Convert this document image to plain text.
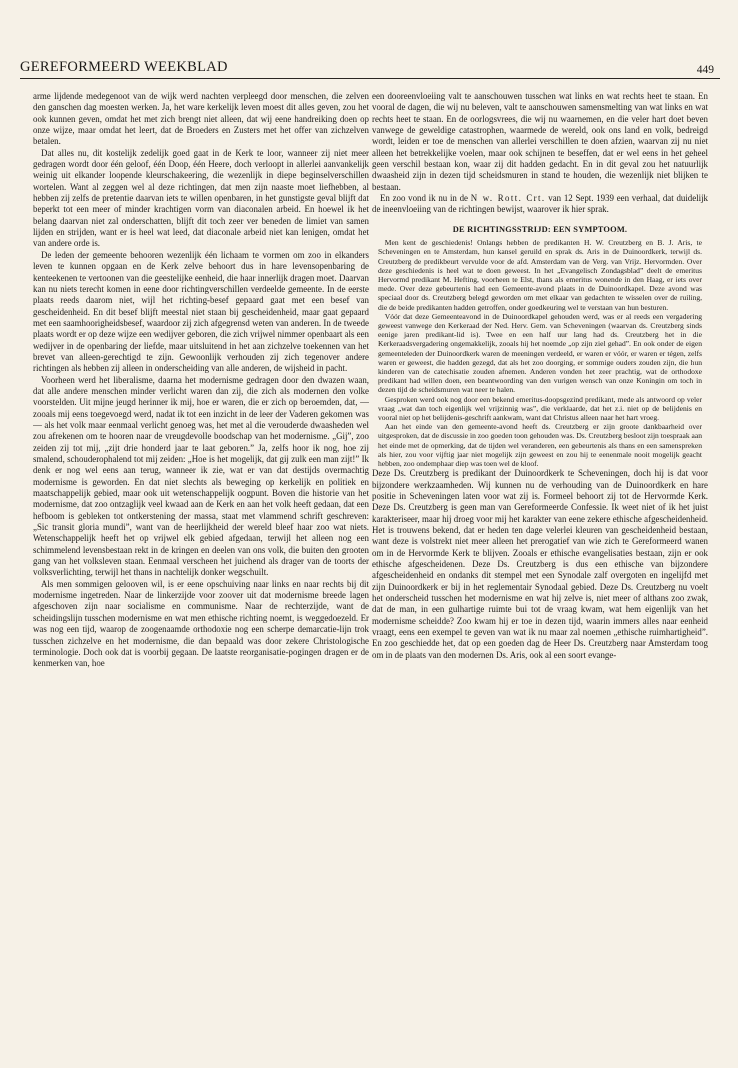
GEREFORMEERD WEEKBLAD	449

arme lijdende medegenoot van de wijk werd nachten verpleegd door menschen, die zelven den ganschen dag moesten werken. Ja, het ware kerkelijk leven moest dit alles geven, zou het ook kunnen geven, omdat het met zich brengt niet alleen, dat wij eene handreiking doen op onze wijze, maar omdat het leert, dat de Broeders en Zusters met het offer van zichzelven betalen.

Dat alles nu, dit kostelijk zedelijk goed gaat in de Kerk te loor, wanneer zij niet meer gedragen wordt door één geloof, één Doop, één Heere, doch verloopt in allerlei aanvankelijk weinig uit elkander loopende kleurschakeering, die wezenlijk in diepe beginselverschillen wortelen. Want al zeggen wel al deze richtingen, dat men zijn naaste moet liefhebben, al hebben zij zelfs de pretentie daarvan iets te willen openbaren, in het gunstigste geval blijft dat beperkt tot een meer of minder krachtigen vorm van diaconalen arbeid. En hoewel ik het belang daarvan niet zal onderschatten, blijft dit toch zeer ver beneden de limiet van samen lijden en strijden, want er is heel wat leed, dat diaconale arbeid niet kan lenigen, omdat het van andere orde is.

De leden der gemeente behooren wezenlijk één lichaam te vormen om zoo in elkanders leven te kunnen opgaan en de Kerk zelve behoort dus in hare levensopenbaring de kenteekenen te vertoonen van die geestelijke eenheid, die haar innerlijk dragen moet. Daarvan kan nu niets terecht komen in eene door richtingverschillen verdeelde gemeente. In de eerste plaats reeds daarom niet, wijl het richting-besef gepaard gaat met een besef van gescheidenheid. En dit besef blijft meestal niet staan bij gescheidenheid, maar gaat gepaard met een saamhoorigheidsbesef, waardoor zij zich afgegrensd weten van anderen. In de tweede plaats wordt er op deze wijze een wedijver geboren, die zich vrijwel nimmer openbaart als een wedijver in de openbaring der liefde, maar uitsluitend in het aan zichzelve toekennen van het brevet van alleen-gerechtigd te zijn. Gewoonlijk verhouden zij zich tegenover andere richtingen als hebben zij alleen in onderscheiding van alle anderen, de wijsheid in pacht.

Voorheen werd het liberalisme, daarna het modernisme gedragen door den dwazen waan, dat alle andere menschen minder verlicht waren dan zij, die zich als modernen den volke voorstelden. Uit mijne jeugd herinner ik mij, hoe er waren, die er zich op beroemden, dat, — zooals mij eens toegevoegd werd, nadat ik tot een inzicht in de leer der Vaderen gekomen was — als het volk maar eenmaal verlicht genoeg was, het met al die verouderde dwaasheden wel zou afrekenen om te hooren naar de vreugdevolle boodschap van het modernisme. „Gij”, zoo zeiden zij tot mij, „zijt drie honderd jaar te laat geboren.” Ja, zelfs hoor ik nog, hoe zij smalend, schouderophalend tot mij zeiden: „Hoe is het mogelijk, dat gij zulk een man zijt!” Ik denk er nog wel eens aan terug, wanneer ik zie, wat er van dat destijds overmachtig modernisme is geworden. En dat niet slechts als beweging op kerkelijk en politiek en maatschappelijk gebied, maar ook uit wetenschappelijk oogpunt. Boven die historie van het modernisme, dat zoo ontzaglijk veel kwaad aan de Kerk en aan het volk heeft gedaan, dat een hefboom is gebleken tot ontkerstening der massa, staat met vlammend schrift geschreven: „Sic transit gloria mundi”, want van de heerlijkheid der wereld bleef haar zoo wat niets. Wetenschappelijk heeft het op vrijwel elk gebied afgedaan, terwijl het alleen nog een schimmelend levensbestaan rekt in de kringen en deelen van ons volk, die buiten den grooten gang van het volksleven staan. Eenmaal verscheen het juichend als drager van de toorts der volksverlichting, terwijl het thans in nachtelijk donker wegschuilt.

Als men sommigen gelooven wil, is er eene opschuiving naar links en naar rechts bij dit modernisme ingetreden. Naar de linkerzijde voor zoover uit dat modernisme breede lagen afgeschoven zijn naar socialisme en communisme. Naar de rechterzijde, want de scheidingslijn tusschen modernisme en wat men ethische richting noemt, is weggedoezeld. Er was nog een tijd, waarop de zoogenaamde orthodoxie nog een scherpe demarcatie-lijn trok tusschen zichzelve en het modernisme, die dan bepaald was door zekere Christologische terminologie. Doch ook dat is voorbij gegaan. De laatste reorganisatie-pogingen dragen er de kenmerken van, hoe

een dooreenvloeiing valt te aanschouwen tusschen wat links en wat rechts heet te staan. En vooral de dagen, die wij nu beleven, valt te aanschouwen samensmelting van wat links en wat rechts heet te staan. En de oorlogsvrees, die wij nu waarnemen, en die veler hart doet beven vanwege de geweldige catastrophen, waarmede de wereld, ook ons land en volk, bedreigd wordt, leiden er toe de menschen van allerlei verschillen te doen afzien, waarvan zij nu niet alleen het betrekkelijke voelen, maar ook schijnen te beseffen, dat er wel eens in het geheel geen verschil bestaan kon, waar zij dit hadden gedacht. En in dit geval zou het natuurlijk dwaasheid zijn in dezen tijd scheidsmuren in stand te houden, die wezenlijk niet blijken te bestaan.

En zoo vond ik nu in de N w. Rott. Crt. van 12 Sept. 1939 een verhaal, dat duidelijk de ineenvloeiing van de richtingen bewijst, waarover ik hier sprak.

DE RICHTINGSSTRIJD: EEN SYMPTOOM.

Men kent de geschiedenis! Onlangs hebben de predikanten H. W. Creutzberg en B. J. Aris, te Scheveningen en te Amsterdam, hun kansel geruild en sprak ds. Aris in de Duinoordkerk, terwijl ds. Creutzberg de predikbeurt vervulde voor de afd. Amsterdam van de Verg. van Vrijz. Hervormden. Over deze geschiedenis is heel wat te doen geweest. In het „Evangelisch Zondagsblad” deelt de emeritus Hervormd predikant M. Hefting, voorheen te Elst, thans als emeritus wonende in den Haag, er iets over mede. Over deze gebeurtenis had een Gemeente-avond plaats in de Duinoordkapel. Deze avond was speciaal door ds. Creutzberg belegd geworden om met elkaar van gedachten te wisselen over de ruiling, die de beide predikanten hadden getroffen, onder goedkeuring wel te verstaan van hun besturen.

Vóór dat deze Gemeenteavond in de Duinoordkapel gehouden werd, was er al reeds een vergadering geweest vanwege den Kerkeraad der Ned. Herv. Gem. van Scheveningen (waarvan ds. Creutzberg sinds eenige jaren predikant-lid is). Twee en een half uur lang had ds. Creutzberg het in die Kerkeraadsvergadering ongemakkelijk, zooals hij het noemde „op zijn ziel gehad”. En ook onder de eigen gemeenteleden der Duinoordkerk waren de meeningen verdeeld, er waren er vóór, er waren er tégen, zelfs waren er geweest, die hadden gezegd, dat als het zoo doorging, er sommige ouders zouden zijn, die hun kinderen van de catechisatie zouden afnemen. Anderen vonden het zeer prachtig, wat de orthodoxe predikant had willen doen, een beantwoording van den vurigen wensch van onze Koningin om toch in dezen tijd de scheidsmuren wat neer te halen.

Gesproken werd ook nog door een bekend emeritus-doopsgezind predikant, mede als antwoord op veler vraag „wat dan toch eigenlijk wel vrijzinnig was”, die verklaarde, dat het z.i. niet op de belijdenis en vooral niet op het belijdenis-geschrift aankwam, want dat Christus alleen naar het hart vroeg.

Aan het einde van den gemeente-avond heeft ds. Creutzberg er zijn groote dankbaarheid over uitgesproken, dat de discussie in zoo goeden toon gehouden was. Ds. Creutzberg besloot zijn toespraak aan het einde met de opmerking, dat de tijden wel veranderen, een gebeurtenis als thans en een samenspreken als hier, zou voor vijftig jaar niet mogelijk zijn geweest en zou hij te eenenmale nooit mogelijk geacht hebben, zoo ondemphaar diep was toen wel de kloof.

Deze Ds. Creutzberg is predikant der Duinoordkerk te Scheveningen, doch hij is dat voor bijzondere werkzaamheden. Wij kunnen nu de verhouding van de Duinoordkerk en hare positie in Scheveningen laten voor wat zij is. Formeel behoort zij tot de Hervormde Kerk. Deze Ds. Creutzberg is geen man van Gereformeerde Confessie. Ik weet niet of ik het juist karakteriseer, maar hij droeg voor mij het karakter van eene zekere ethische afgescheidenheid. Het is trouwens bekend, dat er heden ten dage velerlei kleuren van gescheidenheid bestaan, want deze is volstrekt niet meer alleen het prerogatief van wie zich te Gereformeerd wanen om in de Hervormde Kerk te blijven. Zooals er ethische evangelisaties bestaan, zijn er ook ethische afgescheidenen. Deze Ds. Creutzberg is dus een ethische van bijzondere afgescheidenheid en ondanks dit stempel met een Synodale zalf overgoten en ingelijfd met zijn Duinoordkerk er bij in het reglementair Synodaal gebied. Deze Ds. Creutzberg nu voelt het onderscheid tusschen het modernisme en wat hij zelve is, niet meer of althans zoo zwak, dat de man, in een gulhartige ruimte bui tot de vraag kwam, wat hem eigenlijk van het modernisme scheidde? Zoo kwam hij er toe in dezen tijd, waarin immers alles naar eenheid vraagt, eens een exempel te geven van wat ik nu maar zal noemen „ethische ruimhartigheid”. En zoo geschiedde het, dat op een goeden dag de Heer Ds. Creutzberg naar Amsterdam toog om in de plaats van den modernen Ds. Aris, ook al een soort evange-
